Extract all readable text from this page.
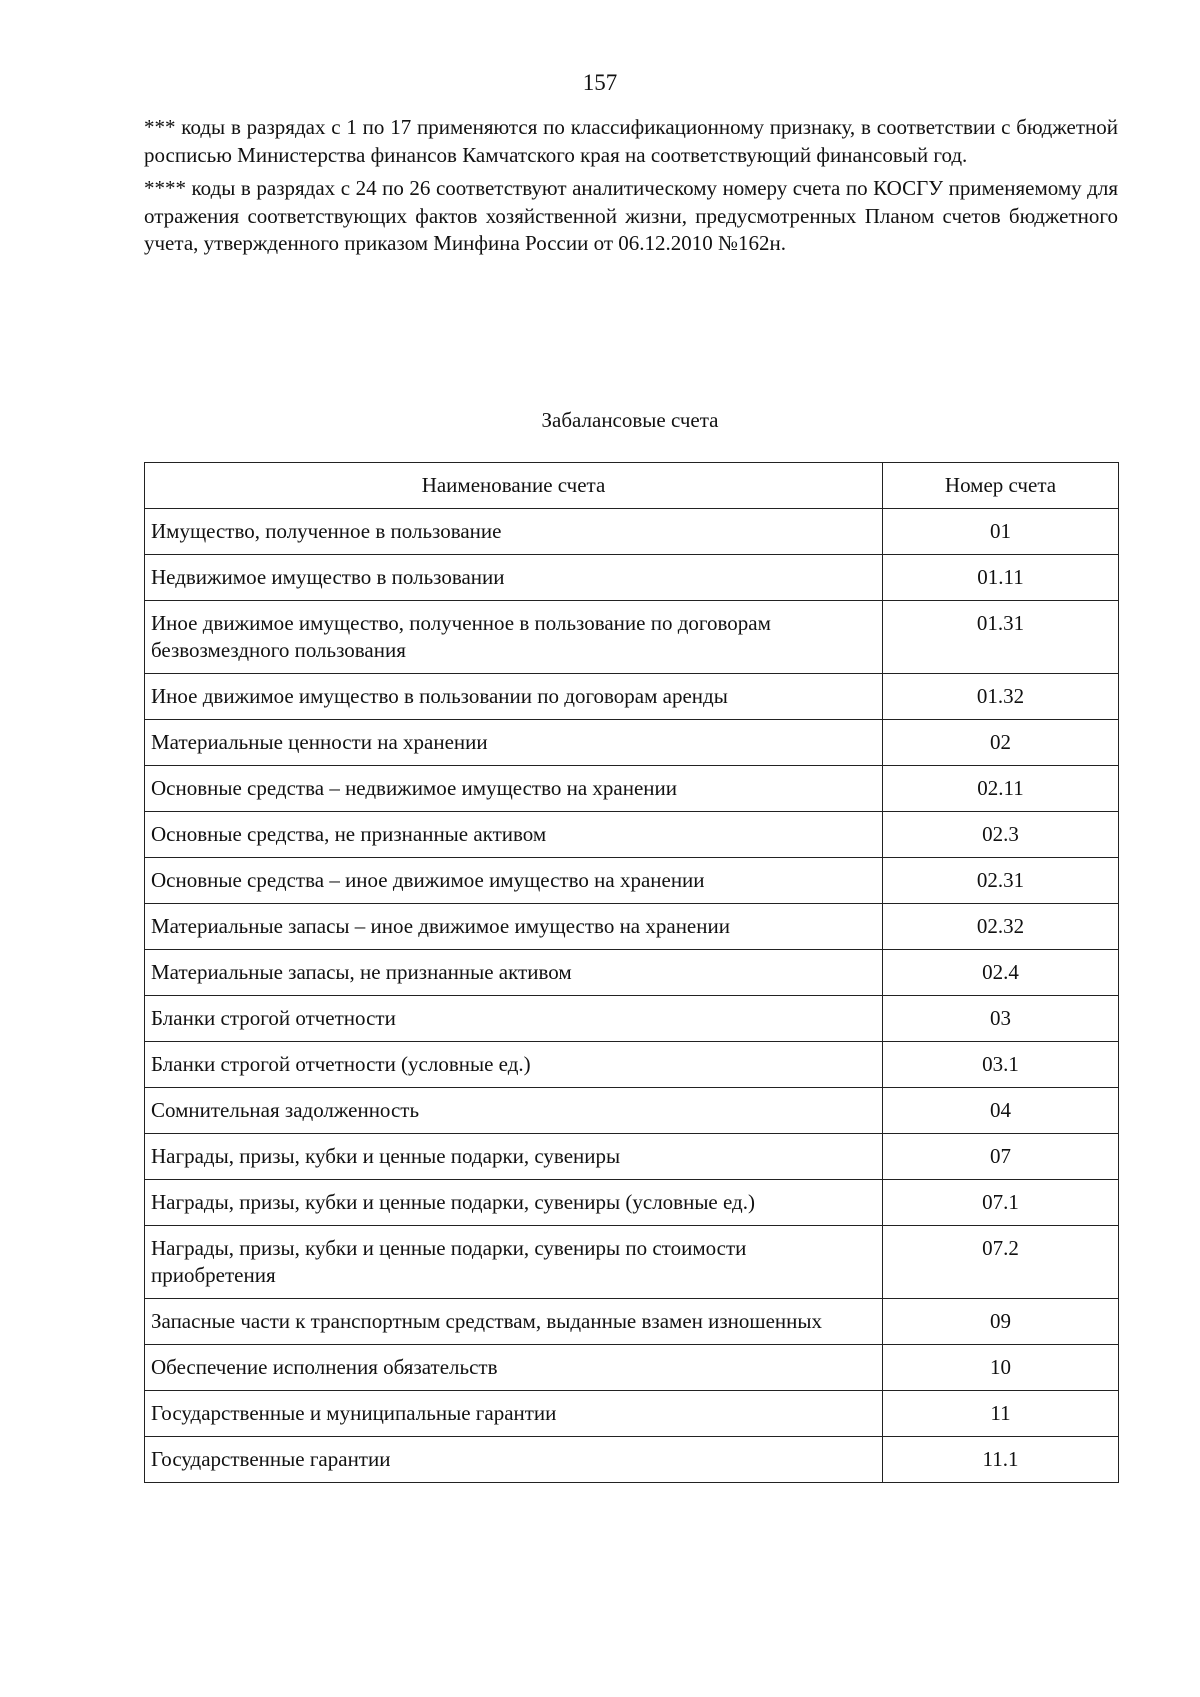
157

*** коды в разрядах с 1 по 17 применяются по классификационному признаку, в соответствии с бюджетной росписью Министерства финансов Камчатского края на соответствующий финансовый год.

**** коды в разрядах с 24 по 26 соответствуют аналитическому номеру счета по КОСГУ применяемому для отражения соответствующих фактов хозяйственной жизни, предусмотренных Планом счетов бюджетного учета, утвержденного приказом Минфина России от 06.12.2010 №162н.

Забалансовые счета
Наименование счета	Номер счета
Имущество, полученное в пользование	01
Недвижимое имущество в пользовании	01.11
Иное движимое имущество, полученное в пользование по договорам безвозмездного пользования	01.31
Иное движимое имущество в пользовании по договорам аренды	01.32
Материальные ценности на хранении	02
Основные средства – недвижимое имущество на хранении	02.11
Основные средства, не признанные активом	02.3
Основные средства – иное движимое имущество на хранении	02.31
Материальные запасы – иное движимое имущество на хранении	02.32
Материальные запасы, не признанные активом	02.4
Бланки строгой отчетности	03
Бланки строгой отчетности (условные ед.)	03.1
Сомнительная задолженность	04
Награды, призы, кубки и ценные подарки, сувениры	07
Награды, призы, кубки и ценные подарки, сувениры (условные ед.)	07.1
Награды, призы, кубки и ценные подарки, сувениры по стоимости приобретения	07.2
Запасные части к транспортным средствам, выданные взамен изношенных	09
Обеспечение исполнения обязательств	10
Государственные и муниципальные гарантии	11
Государственные гарантии	11.1
